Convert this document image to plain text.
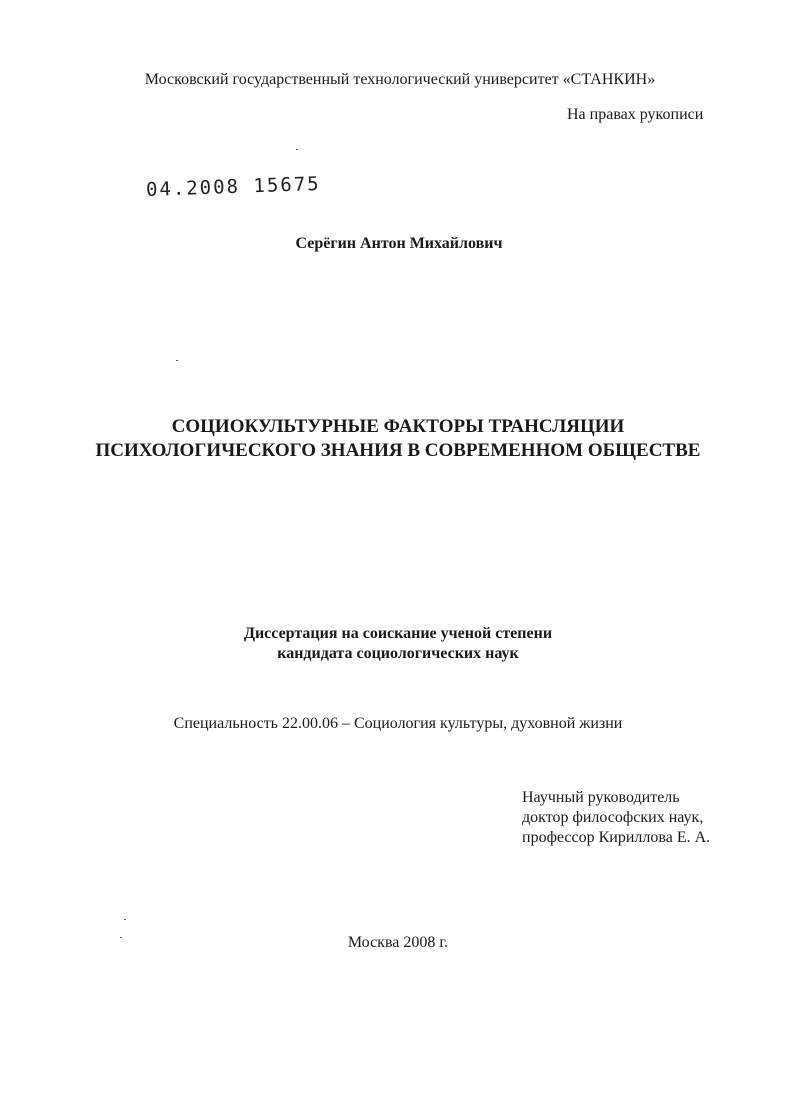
Московский государственный технологический университет «СТАНКИН»
На правах рукописи
04.2008 15675
Серёгин Антон Михайлович
СОЦИОКУЛЬТУРНЫЕ ФАКТОРЫ ТРАНСЛЯЦИИ
ПСИХОЛОГИЧЕСКОГО ЗНАНИЯ В СОВРЕМЕННОМ ОБЩЕСТВЕ
Диссертация на соискание ученой степени
кандидата социологических наук
Специальность 22.00.06 – Социология культуры, духовной жизни
Научный руководитель
доктор философских наук,
профессор Кириллова Е. А.
Москва 2008 г.
